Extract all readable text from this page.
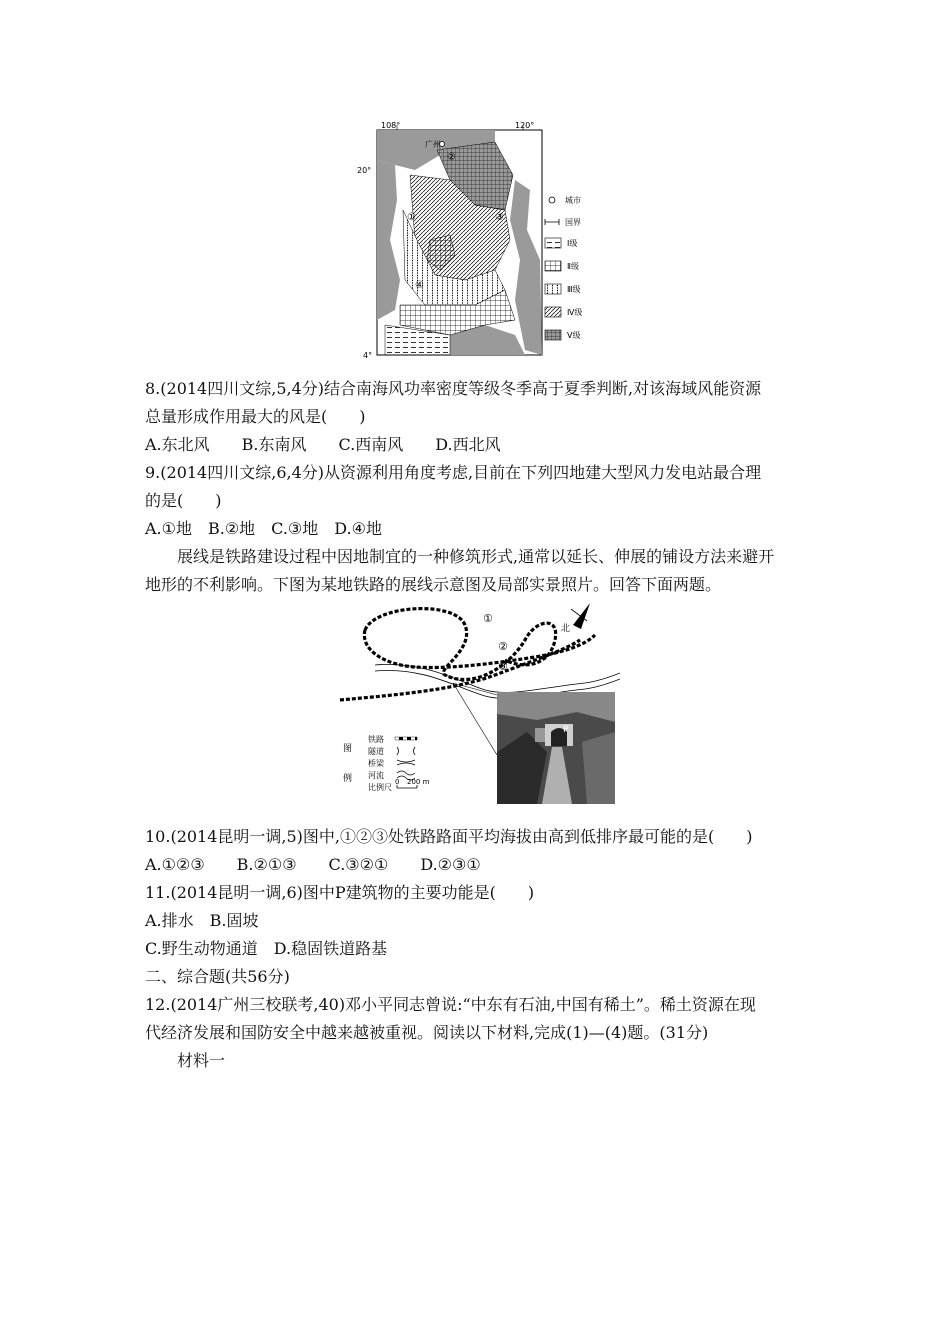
108°	120°
20°
4°
广州
②
①	③
④
城市
国界
Ⅰ级
Ⅱ级
Ⅲ级
Ⅳ级
Ⅴ级
8.(2014四川文综,5,4分)结合南海风功率密度等级冬季高于夏季判断,对该海域风能资源
总量形成作用最大的风是(　　)
A.东北风　　B.东南风　　C.西南风　　D.西北风
9.(2014四川文综,6,4分)从资源利用角度考虑,目前在下列四地建大型风力发电站最合理
的是(　　)
A.①地　B.②地　C.③地　D.④地
展线是铁路建设过程中因地制宜的一种修筑形式,通常以延长、伸展的铺设方法来避开
地形的不利影响。下图为某地铁路的展线示意图及局部实景照片。回答下面两题。
①
②
③
北
图
例
铁路
隧道
桥梁
河流
比例尺
0 200 m
P
10.(2014昆明一调,5)图中,①②③处铁路路面平均海拔由高到低排序最可能的是(　　)
A.①②③　　B.②①③　　C.③②①　　D.②③①
11.(2014昆明一调,6)图中P建筑物的主要功能是(　　)
A.排水　B.固坡
C.野生动物通道　D.稳固铁道路基
二、综合题(共56分)
12.(2014广州三校联考,40)邓小平同志曾说:“中东有石油,中国有稀土”。稀土资源在现
代经济发展和国防安全中越来越被重视。阅读以下材料,完成(1)—(4)题。(31分)
材料一
